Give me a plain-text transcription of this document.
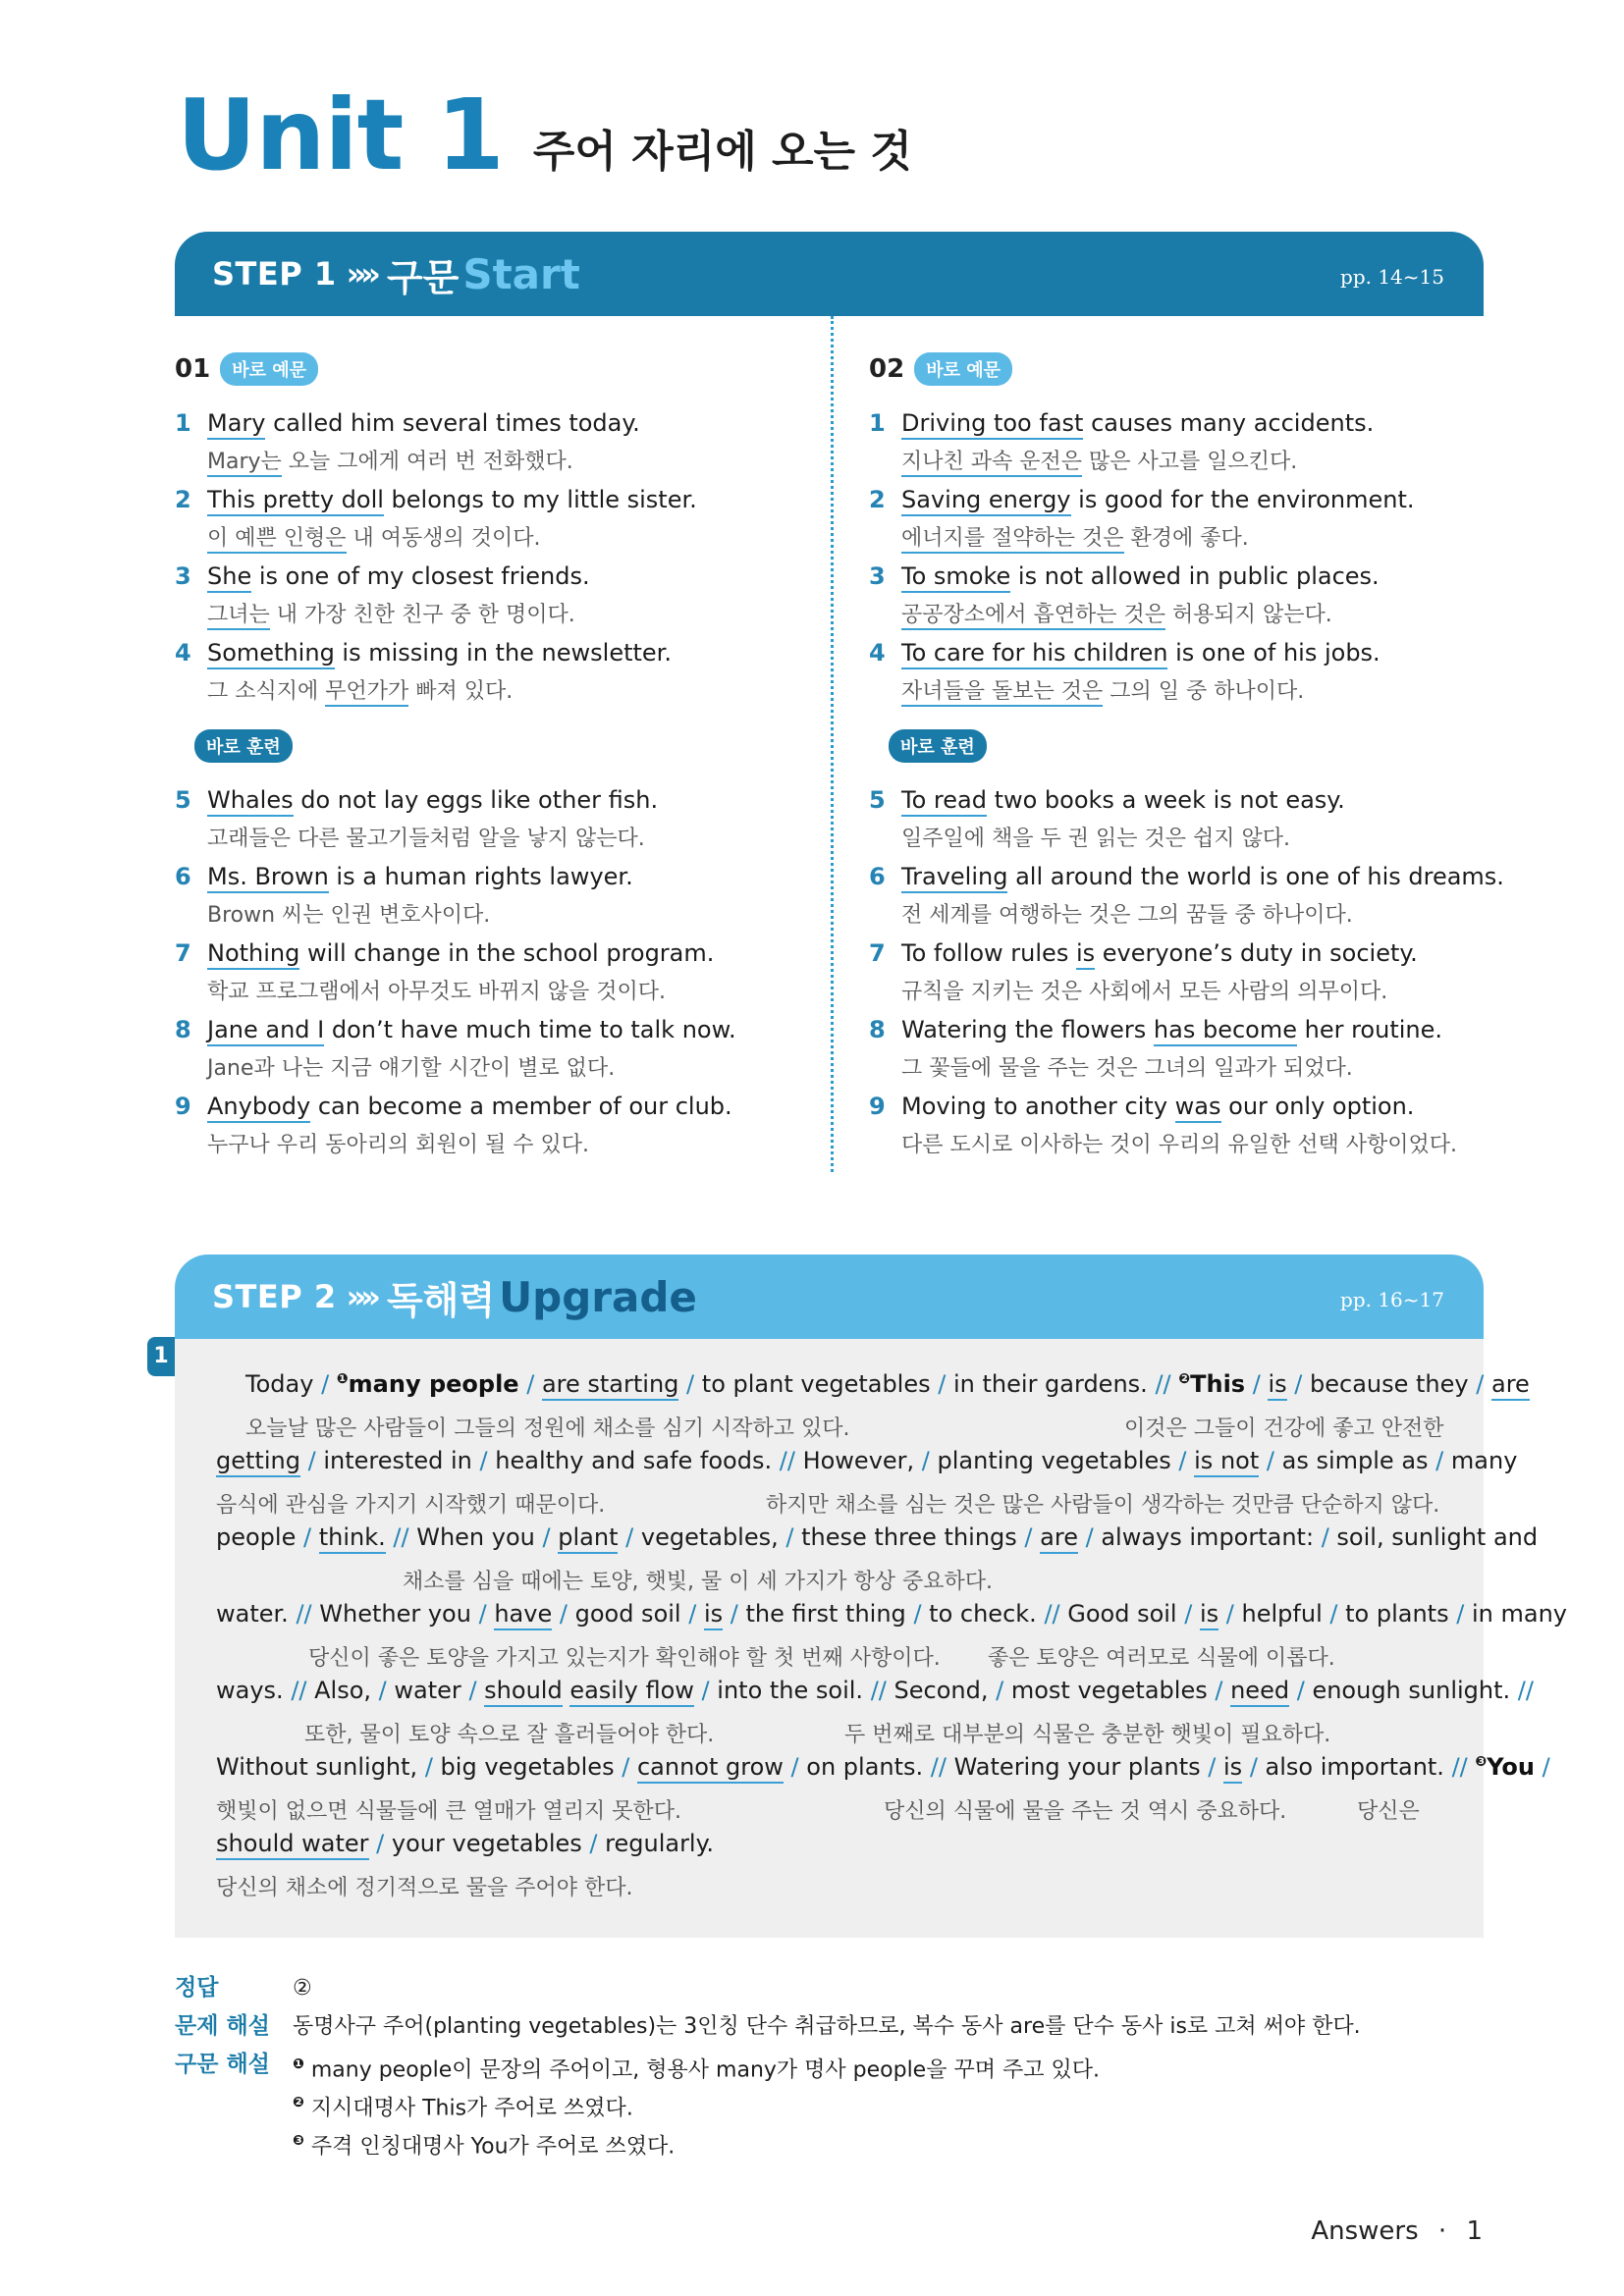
Unit 1 주어 자리에 오는 것
STEP 1 »» 구문 Start	pp. 14~15
01	바로 예문
1 Mary called him several times today.
Mary는 오늘 그에게 여러 번 전화했다.
2 This pretty doll belongs to my little sister.
이 예쁜 인형은 내 여동생의 것이다.
3 She is one of my closest friends.
그녀는 내 가장 친한 친구 중 한 명이다.
4 Something is missing in the newsletter.
그 소식지에 무언가가 빠져 있다.
바로 훈련
5 Whales do not lay eggs like other fish.
고래들은 다른 물고기들처럼 알을 낳지 않는다.
6 Ms. Brown is a human rights lawyer.
Brown 씨는 인권 변호사이다.
7 Nothing will change in the school program.
학교 프로그램에서 아무것도 바뀌지 않을 것이다.
8 Jane and I don’t have much time to talk now.
Jane과 나는 지금 얘기할 시간이 별로 없다.
9 Anybody can become a member of our club.
누구나 우리 동아리의 회원이 될 수 있다.
02	바로 예문
1 Driving too fast causes many accidents.
지나친 과속 운전은 많은 사고를 일으킨다.
2 Saving energy is good for the environment.
에너지를 절약하는 것은 환경에 좋다.
3 To smoke is not allowed in public places.
공공장소에서 흡연하는 것은 허용되지 않는다.
4 To care for his children is one of his jobs.
자녀들을 돌보는 것은 그의 일 중 하나이다.
바로 훈련
5 To read two books a week is not easy.
일주일에 책을 두 권 읽는 것은 쉽지 않다.
6 Traveling all around the world is one of his dreams.
전 세계를 여행하는 것은 그의 꿈들 중 하나이다.
7 To follow rules is everyone’s duty in society.
규칙을 지키는 것은 사회에서 모든 사람의 의무이다.
8 Watering the flowers has become her routine.
그 꽃들에 물을 주는 것은 그녀의 일과가 되었다.
9 Moving to another city was our only option.
다른 도시로 이사하는 것이 우리의 유일한 선택 사항이었다.
STEP 2 »» 독해력 Upgrade	pp. 16~17
Today / $^❶$many people / are starting / to plant vegetables / in their gardens. // $^❷$This / is / because they / are
오늘날 많은 사람들이 그들의 정원에 채소를 심기 시작하고 있다.	이것은 그들이 건강에 좋고 안전한
getting / interested in / healthy and safe foods. // However, / planting vegetables / is not / as simple as / many
음식에 관심을 가지기 시작했기 때문이다.	하지만 채소를 심는 것은 많은 사람들이 생각하는 것만큼 단순하지 않다.
people / think. // When you / plant / vegetables, / these three things / are / always important: / soil, sunlight and
채소를 심을 때에는 토양, 햇빛, 물 이 세 가지가 항상 중요하다.
water. // Whether you / have / good soil / is / the first thing / to check. // Good soil / is / helpful / to plants / in many
당신이 좋은 토양을 가지고 있는지가 확인해야 할 첫 번째 사항이다. 좋은 토양은 여러모로 식물에 이롭다.
ways. // Also, / water / should easily flow / into the soil. // Second, / most vegetables / need / enough sunlight. //
또한, 물이 토양 속으로 잘 흘러들어야 한다.	두 번째로 대부분의 식물은 충분한 햇빛이 필요하다.
Without sunlight, / big vegetables / cannot grow / on plants. // Watering your plants / is / also important. // $^❸$You /
햇빛이 없으면 식물들에 큰 열매가 열리지 못한다.	당신의 식물에 물을 주는 것 역시 중요하다.	당신은
should water / your vegetables / regularly.
당신의 채소에 정기적으로 물을 주어야 한다.
1
정답	②
문제 해설 동명사구 주어(planting vegetables)는 3인칭 단수 취급하므로, 복수 동사 are를 단수 동사 is로 고쳐 써야 한다.
구문 해설 $^❶$ many people이 문장의 주어이고, 형용사 many가 명사 people을 꾸며 주고 있다.
$^❷$ 지시대명사 This가 주어로 쓰였다.
$^❸$ 주격 인칭대명사 You가 주어로 쓰였다.
Answers · 1
